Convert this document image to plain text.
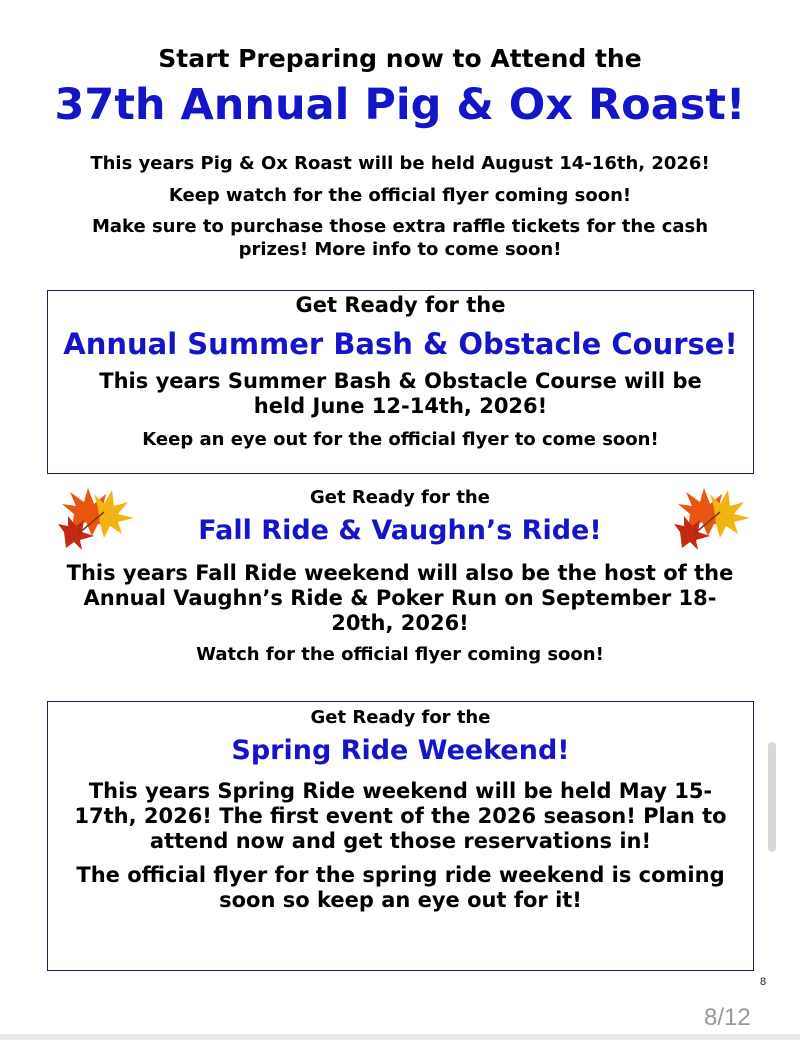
Start Preparing now to Attend the
37th Annual Pig & Ox Roast!
This years Pig & Ox Roast will be held August 14-16th, 2026!
Keep watch for the official flyer coming soon!
Make sure to purchase those extra raffle tickets for the cash prizes! More info to come soon!
Get Ready for the
Annual Summer Bash & Obstacle Course!
This years Summer Bash & Obstacle Course will be held June 12-14th, 2026!
Keep an eye out for the official flyer to come soon!
Get Ready for the
Fall Ride & Vaughn’s Ride!
This years Fall Ride weekend will also be the host of the Annual Vaughn’s Ride & Poker Run on September 18-20th, 2026!
Watch for the official flyer coming soon!
Get Ready for the
Spring Ride Weekend!
This years Spring Ride weekend will be held May 15-17th, 2026! The first event of the 2026 season! Plan to attend now and get those reservations in!
The official flyer for the spring ride weekend is coming soon so keep an eye out for it!
8
8/12
